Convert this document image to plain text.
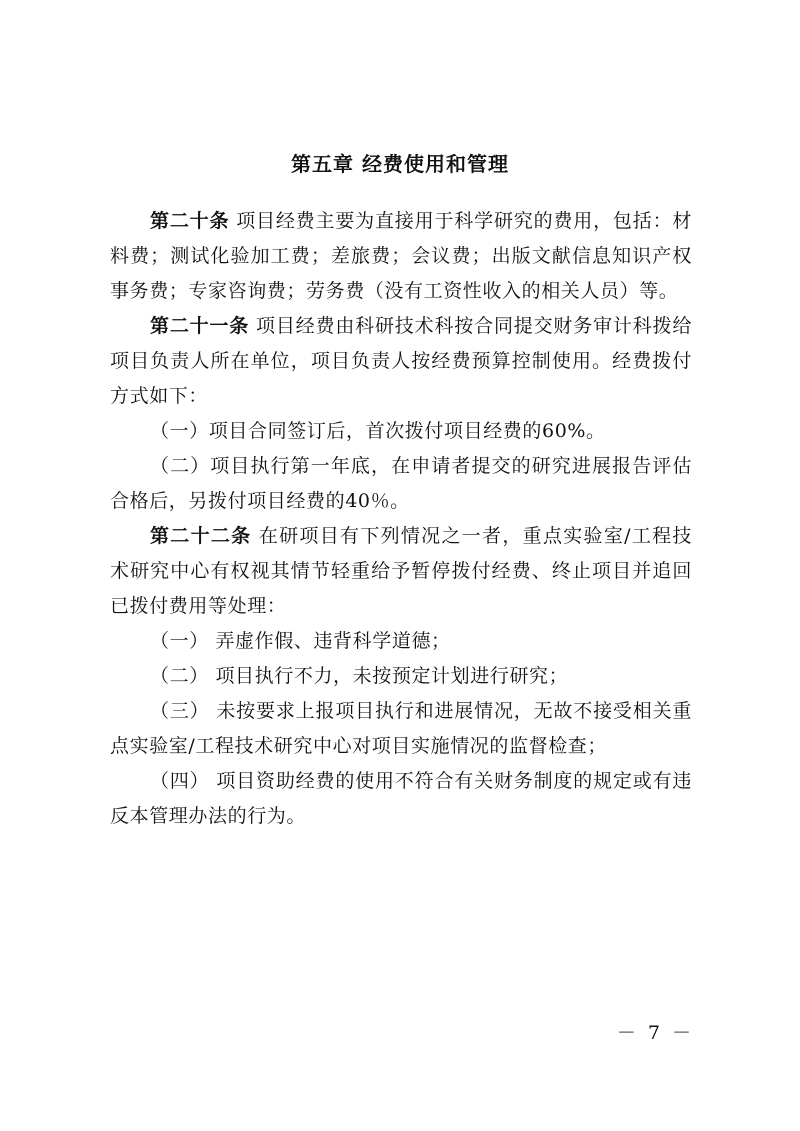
第五章 经费使用和管理

第二十条 项目经费主要为直接用于科学研究的费用，包括：材料费；测试化验加工费；差旅费；会议费；出版文献信息知识产权事务费；专家咨询费；劳务费（没有工资性收入的相关人员）等。

第二十一条 项目经费由科研技术科按合同提交财务审计科拨给项目负责人所在单位，项目负责人按经费预算控制使用。经费拨付方式如下：

（一）项目合同签订后，首次拨付项目经费的60%。

（二）项目执行第一年底，在申请者提交的研究进展报告评估合格后，另拨付项目经费的40％。

第二十二条 在研项目有下列情况之一者，重点实验室/工程技术研究中心有权视其情节轻重给予暂停拨付经费、终止项目并追回已拨付费用等处理：

（一） 弄虚作假、违背科学道德；

（二） 项目执行不力，未按预定计划进行研究；

（三） 未按要求上报项目执行和进展情况，无故不接受相关重点实验室/工程技术研究中心对项目实施情况的监督检查；

（四） 项目资助经费的使用不符合有关财务制度的规定或有违反本管理办法的行为。

－ 7 －
